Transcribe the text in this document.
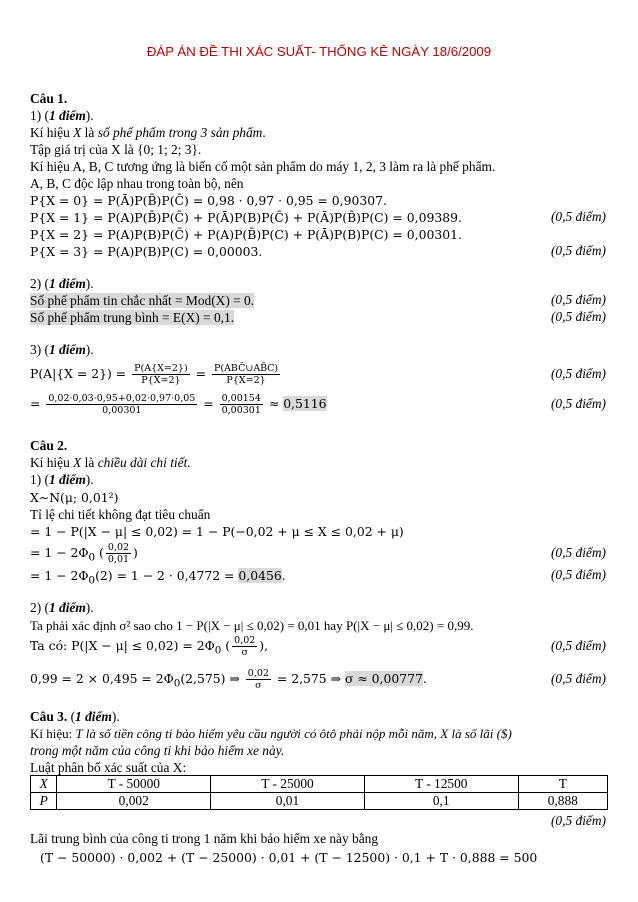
ĐÁP ÁN ĐỀ THI XÁC SUẤT- THỐNG KÊ NGÀY 18/6/2009
Câu 1.
1) (1 điểm).
Kí hiệu X là số phế phẩm trong 3 sản phẩm.
Tập giá trị của X là {0; 1; 2; 3}.
Kí hiệu A, B, C tương ứng là biến cố một sản phẩm do máy 1, 2, 3 làm ra là phế phẩm.
A, B, C độc lập nhau trong toàn bộ, nên
P{X = 0} = P(Ā)P(B̄)P(C̄) = 0,98 · 0,97 · 0,95 = 0,90307.
P{X = 1} = P(A)P(B̄)P(C̄) + P(Ā)P(B)P(C̄) + P(Ā)P(B̄)P(C) = 0,09389.	(0,5 điểm)
P{X = 2} = P(A)P(B)P(C̄) + P(A)P(B̄)P(C) + P(Ā)P(B)P(C) = 0,00301.
P{X = 3} = P(A)P(B)P(C) = 0,00003.	(0,5 điểm)
2) (1 điểm).
Số phế phẩm tin chắc nhất = Mod(X) = 0.	(0,5 điểm)
Số phế phẩm trung bình = E(X) = 0,1.	(0,5 điểm)
3) (1 điểm).
$P(A|\{X = 2\}) = \frac{P(A\{X=2\})}{P\{X=2\}} = \frac{\text{P(ABC̄∪AB̄C)}}{P\{X=2\}}$	(0,5 điểm)
= $\frac{0,02\cdot 0,03\cdot 0,95+0,02\cdot 0,97\cdot 0,05}{0,00301} = \frac{0,00154}{0,00301} \approx 0,5116$	(0,5 điểm)
Câu 2.
Kí hiệu X là chiều dài chi tiết.
1) (1 điểm).
X∼N(μ; 0,01²)
Tỉ lệ chi tiết không đạt tiêu chuẩn
= 1 − P(|X − μ| ≤ 0,02) = 1 − P(−0,02 + μ ≤ X ≤ 0,02 + μ)
= $1 - 2\Phi_0$ ( $\frac{0,02}{0,01}$ )	(0,5 điểm)
= $1 - 2\Phi_0(2) = 1 - 2 \cdot 0,4772 = 0,0456$.	(0,5 điểm)
2) (1 điểm).
Ta phải xác định σ² sao cho 1 − P(|X − μ| ≤ 0,02) = 0,01 hay P(|X − μ| ≤ 0,02) = 0,99.
Ta có: $P(|X - \mu| \le 0,02) = 2\Phi_0$ ( $\frac{0,02}{\sigma}$ ),	(0,5 điểm)
$0,99 = 2 \times 0,495 = 2\Phi_0(2,575)$ ⇒ $\frac{0,02}{\sigma} = 2,575$ ⇒ σ ≈ 0,00777.	(0,5 điểm)
Câu 3. (1 điểm).
Kí hiệu: T là số tiền công ti bảo hiểm yêu cầu người có ôtô phải nộp mỗi năm, X là số lãi ($)
trong một năm của công ti khi bảo hiểm xe này.
Luật phân bố xác suất của X:
X	T - 50000	T - 25000	T - 12500	T
P	0,002	0,01	0,1	0,888
(0,5 điểm)
Lãi trung bình của công ti trong 1 năm khi bảo hiểm xe này bằng
(T − 50000) · 0,002 + (T − 25000) · 0,01 + (T − 12500) · 0,1 + T · 0,888 = 500
